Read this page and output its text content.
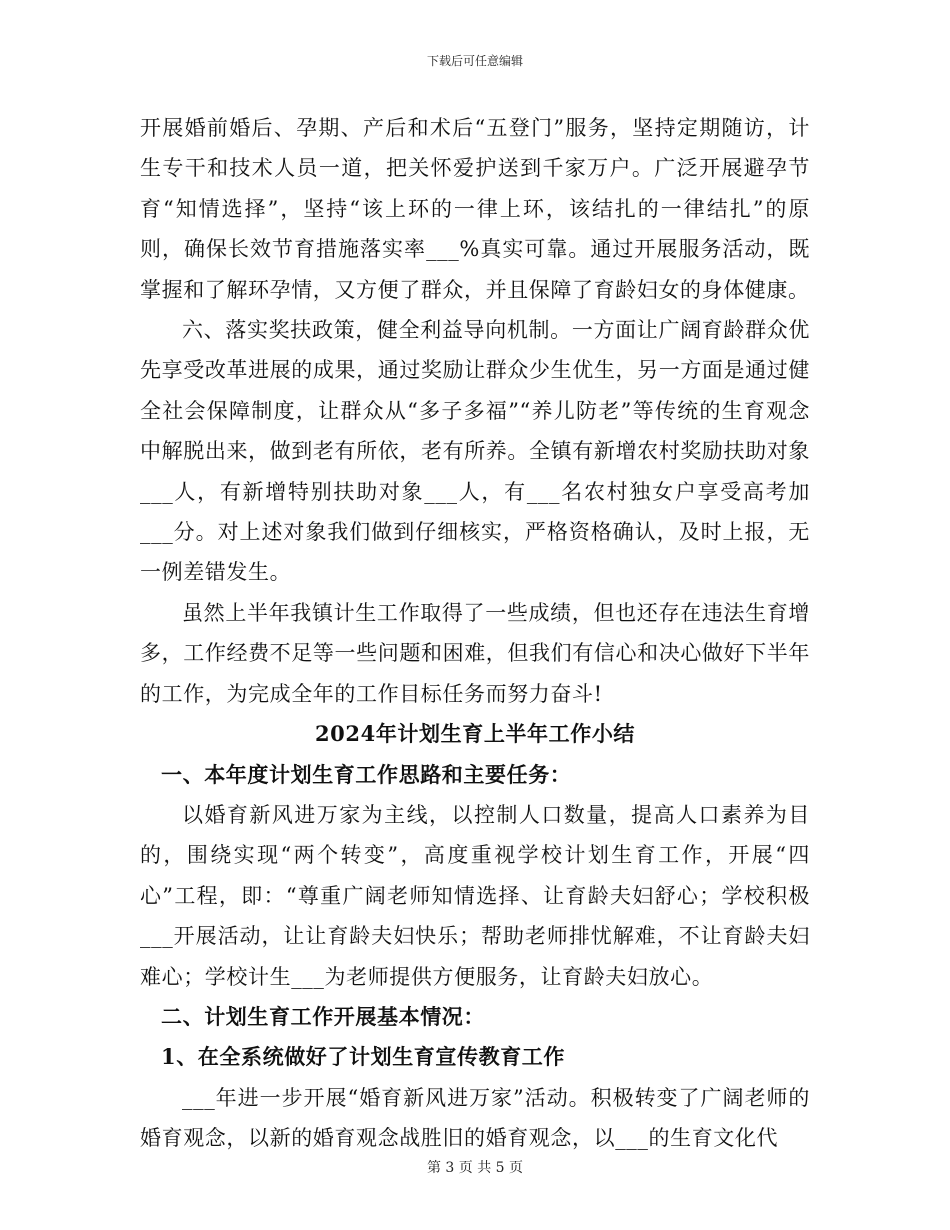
下载后可任意编辑

开展婚前婚后、孕期、产后和术后“五登门”服务，坚持定期随访，计生专干和技术人员一道，把关怀爱护送到千家万户。广泛开展避孕节育“知情选择”，坚持“该上环的一律上环，该结扎的一律结扎”的原则，确保长效节育措施落实率___%真实可靠。通过开展服务活动，既掌握和了解环孕情，又方便了群众，并且保障了育龄妇女的身体健康。

六、落实奖扶政策，健全利益导向机制。一方面让广阔育龄群众优先享受改革进展的成果，通过奖励让群众少生优生，另一方面是通过健全社会保障制度，让群众从“多子多福”“养儿防老”等传统的生育观念中解脱出来，做到老有所依，老有所养。全镇有新增农村奖励扶助对象___人，有新增特别扶助对象___人，有___名农村独女户享受高考加___分。对上述对象我们做到仔细核实，严格资格确认，及时上报，无一例差错发生。

虽然上半年我镇计生工作取得了一些成绩，但也还存在违法生育增多，工作经费不足等一些问题和困难，但我们有信心和决心做好下半年的工作，为完成全年的工作目标任务而努力奋斗!

2024年计划生育上半年工作小结

一、本年度计划生育工作思路和主要任务：

以婚育新风进万家为主线，以控制人口数量，提高人口素养为目的，围绕实现“两个转变”，高度重视学校计划生育工作，开展“四心”工程，即：“尊重广阔老师知情选择、让育龄夫妇舒心；学校积极___开展活动，让让育龄夫妇快乐；帮助老师排忧解难，不让育龄夫妇难心；学校计生___为老师提供方便服务，让育龄夫妇放心。

二、计划生育工作开展基本情况：

1、在全系统做好了计划生育宣传教育工作

___年进一步开展“婚育新风进万家”活动。积极转变了广阔老师的婚育观念，以新的婚育观念战胜旧的婚育观念，以___的生育文化代

第 3 页 共 5 页
